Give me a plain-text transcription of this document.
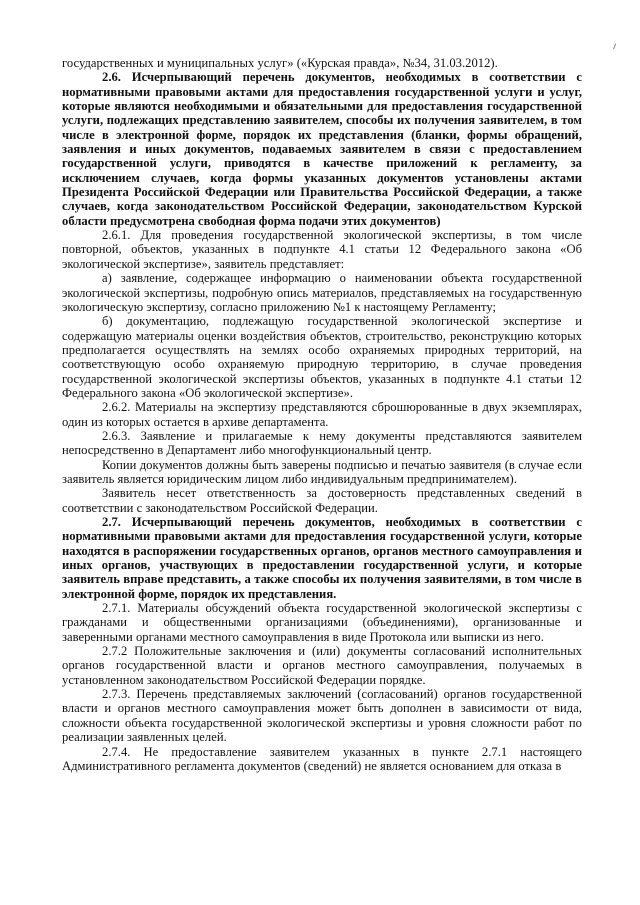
государственных и муниципальных услуг» («Курская правда», №34, 31.03.2012).

2.6. Исчерпывающий перечень документов, необходимых в соответствии с нормативными правовыми актами для предоставления государственной услуги и услуг, которые являются необходимыми и обязательными для предоставления государственной услуги, подлежащих представлению заявителем, способы их получения заявителем, в том числе в электронной форме, порядок их представления (бланки, формы обращений, заявления и иных документов, подаваемых заявителем в связи с предоставлением государственной услуги, приводятся в качестве приложений к регламенту, за исключением случаев, когда формы указанных документов установлены актами Президента Российской Федерации или Правительства Российской Федерации, а также случаев, когда законодательством Российской Федерации, законодательством Курской области предусмотрена свободная форма подачи этих документов)

2.6.1. Для проведения государственной экологической экспертизы, в том числе повторной, объектов, указанных в подпункте 4.1 статьи 12 Федерального закона «Об экологической экспертизе», заявитель представляет:

а) заявление, содержащее информацию о наименовании объекта государственной экологической экспертизы, подробную опись материалов, представляемых на государственную экологическую экспертизу, согласно приложению №1 к настоящему Регламенту;

б) документацию, подлежащую государственной экологической экспертизе и содержащую материалы оценки воздействия объектов, строительство, реконструкцию которых предполагается осуществлять на землях особо охраняемых природных территорий, на соответствующую особо охраняемую природную территорию, в случае проведения государственной экологической экспертизы объектов, указанных в подпункте 4.1 статьи 12 Федерального закона «Об экологической экспертизе».

2.6.2. Материалы на экспертизу представляются сброшюрованные в двух экземплярах, один из которых остается в архиве департамента.

2.6.3. Заявление и прилагаемые к нему документы представляются заявителем непосредственно в Департамент либо многофункциональный центр.

Копии документов должны быть заверены подписью и печатью заявителя (в случае если заявитель является юридическим лицом либо индивидуальным предпринимателем).

Заявитель несет ответственность за достоверность представленных сведений в соответствии с законодательством Российской Федерации.

2.7. Исчерпывающий перечень документов, необходимых в соответствии с нормативными правовыми актами для предоставления государственной услуги, которые находятся в распоряжении государственных органов, органов местного самоуправления и иных органов, участвующих в предоставлении государственной услуги, и которые заявитель вправе представить, а также способы их получения заявителями, в том числе в электронной форме, порядок их представления.

2.7.1. Материалы обсуждений объекта государственной экологической экспертизы с гражданами и общественными организациями (объединениями), организованные и заверенными органами местного самоуправления в виде Протокола или выписки из него.

2.7.2 Положительные заключения и (или) документы согласований исполнительных органов государственной власти и органов местного самоуправления, получаемых в установленном законодательством Российской Федерации порядке.

2.7.3. Перечень представляемых заключений (согласований) органов государственной власти и органов местного самоуправления может быть дополнен в зависимости от вида, сложности объекта государственной экологической экспертизы и уровня сложности работ по реализации заявленных целей.

2.7.4. Не предоставление заявителем указанных в пункте 2.7.1 настоящего Административного регламента документов (сведений) не является основанием для отказа в
